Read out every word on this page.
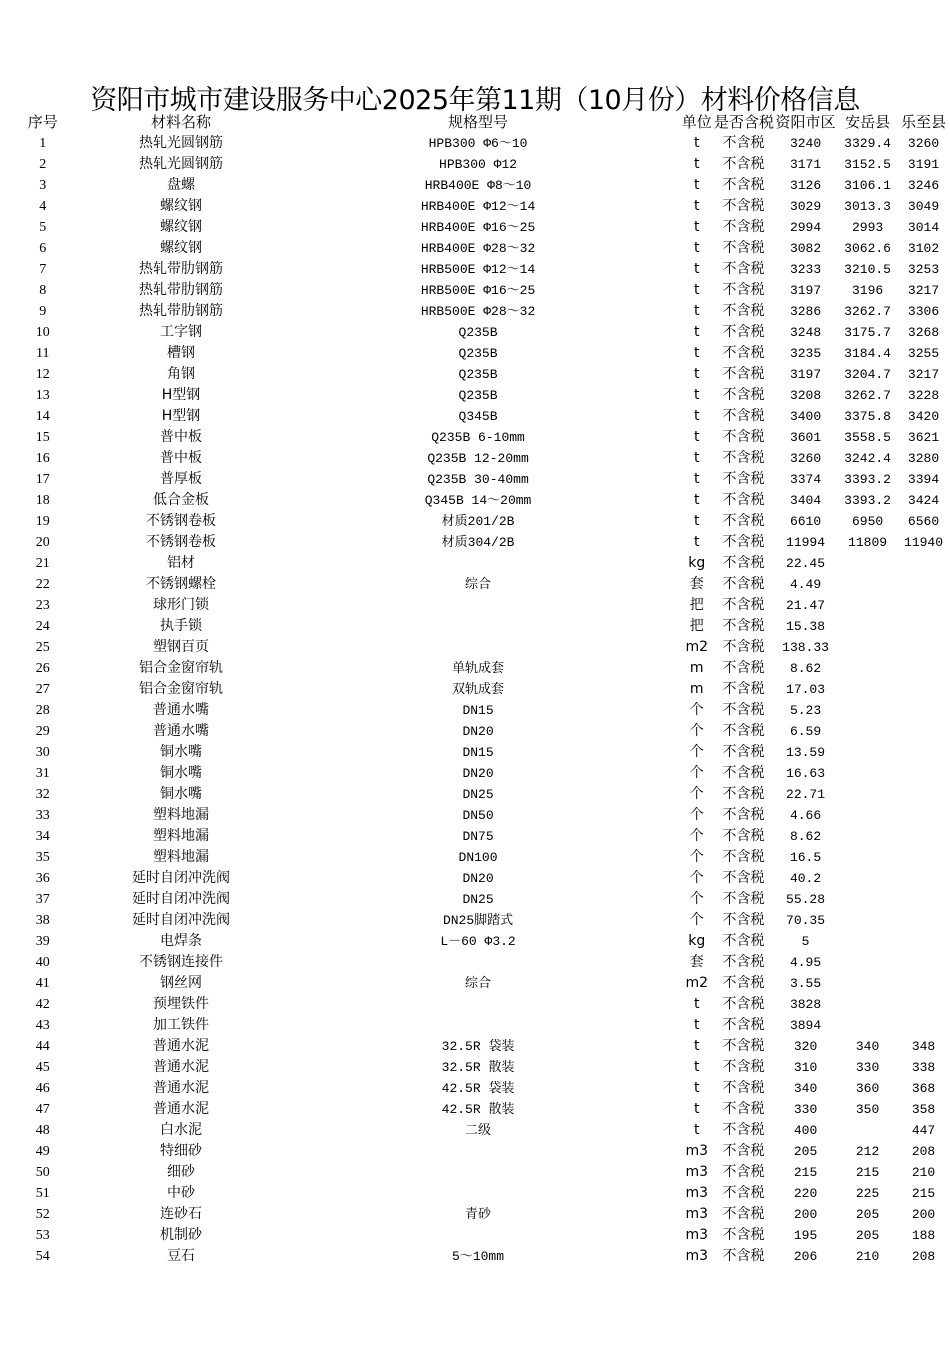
资阳市城市建设服务中心2025年第11期（10月份）材料价格信息
序号	材料名称	规格型号	单位	是否含税	资阳市区	安岳县	乐至县
1	热轧光圆钢筋	HPB300 Φ6～10	t	不含税	3240	3329.4	3260
2	热轧光圆钢筋	HPB300 Φ12	t	不含税	3171	3152.5	3191
3	盘螺	HRB400E Φ8～10	t	不含税	3126	3106.1	3246
4	螺纹钢	HRB400E Φ12～14	t	不含税	3029	3013.3	3049
5	螺纹钢	HRB400E Φ16～25	t	不含税	2994	2993	3014
6	螺纹钢	HRB400E Φ28～32	t	不含税	3082	3062.6	3102
7	热轧带肋钢筋	HRB500E Φ12～14	t	不含税	3233	3210.5	3253
8	热轧带肋钢筋	HRB500E Φ16～25	t	不含税	3197	3196	3217
9	热轧带肋钢筋	HRB500E Φ28～32	t	不含税	3286	3262.7	3306
10	工字钢	Q235B	t	不含税	3248	3175.7	3268
11	槽钢	Q235B	t	不含税	3235	3184.4	3255
12	角钢	Q235B	t	不含税	3197	3204.7	3217
13	H型钢	Q235B	t	不含税	3208	3262.7	3228
14	H型钢	Q345B	t	不含税	3400	3375.8	3420
15	普中板	Q235B 6-10mm	t	不含税	3601	3558.5	3621
16	普中板	Q235B 12-20mm	t	不含税	3260	3242.4	3280
17	普厚板	Q235B 30-40mm	t	不含税	3374	3393.2	3394
18	低合金板	Q345B 14～20mm	t	不含税	3404	3393.2	3424
19	不锈钢卷板	材质201/2B	t	不含税	6610	6950	6560
20	不锈钢卷板	材质304/2B	t	不含税	11994	11809	11940
21	铝材		kg	不含税	22.45		
22	不锈钢螺栓	综合	套	不含税	4.49		
23	球形门锁		把	不含税	21.47		
24	执手锁		把	不含税	15.38		
25	塑钢百页		m2	不含税	138.33		
26	铝合金窗帘轨	单轨成套	m	不含税	8.62		
27	铝合金窗帘轨	双轨成套	m	不含税	17.03		
28	普通水嘴	DN15	个	不含税	5.23		
29	普通水嘴	DN20	个	不含税	6.59		
30	铜水嘴	DN15	个	不含税	13.59		
31	铜水嘴	DN20	个	不含税	16.63		
32	铜水嘴	DN25	个	不含税	22.71		
33	塑料地漏	DN50	个	不含税	4.66		
34	塑料地漏	DN75	个	不含税	8.62		
35	塑料地漏	DN100	个	不含税	16.5		
36	延时自闭冲洗阀	DN20	个	不含税	40.2		
37	延时自闭冲洗阀	DN25	个	不含税	55.28		
38	延时自闭冲洗阀	DN25脚踏式	个	不含税	70.35		
39	电焊条	L－60 Φ3.2	kg	不含税	5		
40	不锈钢连接件		套	不含税	4.95		
41	钢丝网	综合	m2	不含税	3.55		
42	预埋铁件		t	不含税	3828		
43	加工铁件		t	不含税	3894		
44	普通水泥	32.5R 袋装	t	不含税	320	340	348
45	普通水泥	32.5R 散装	t	不含税	310	330	338
46	普通水泥	42.5R 袋装	t	不含税	340	360	368
47	普通水泥	42.5R 散装	t	不含税	330	350	358
48	白水泥	二级	t	不含税	400		447
49	特细砂		m3	不含税	205	212	208
50	细砂		m3	不含税	215	215	210
51	中砂		m3	不含税	220	225	215
52	连砂石	青砂	m3	不含税	200	205	200
53	机制砂		m3	不含税	195	205	188
54	豆石	5～10mm	m3	不含税	206	210	208
